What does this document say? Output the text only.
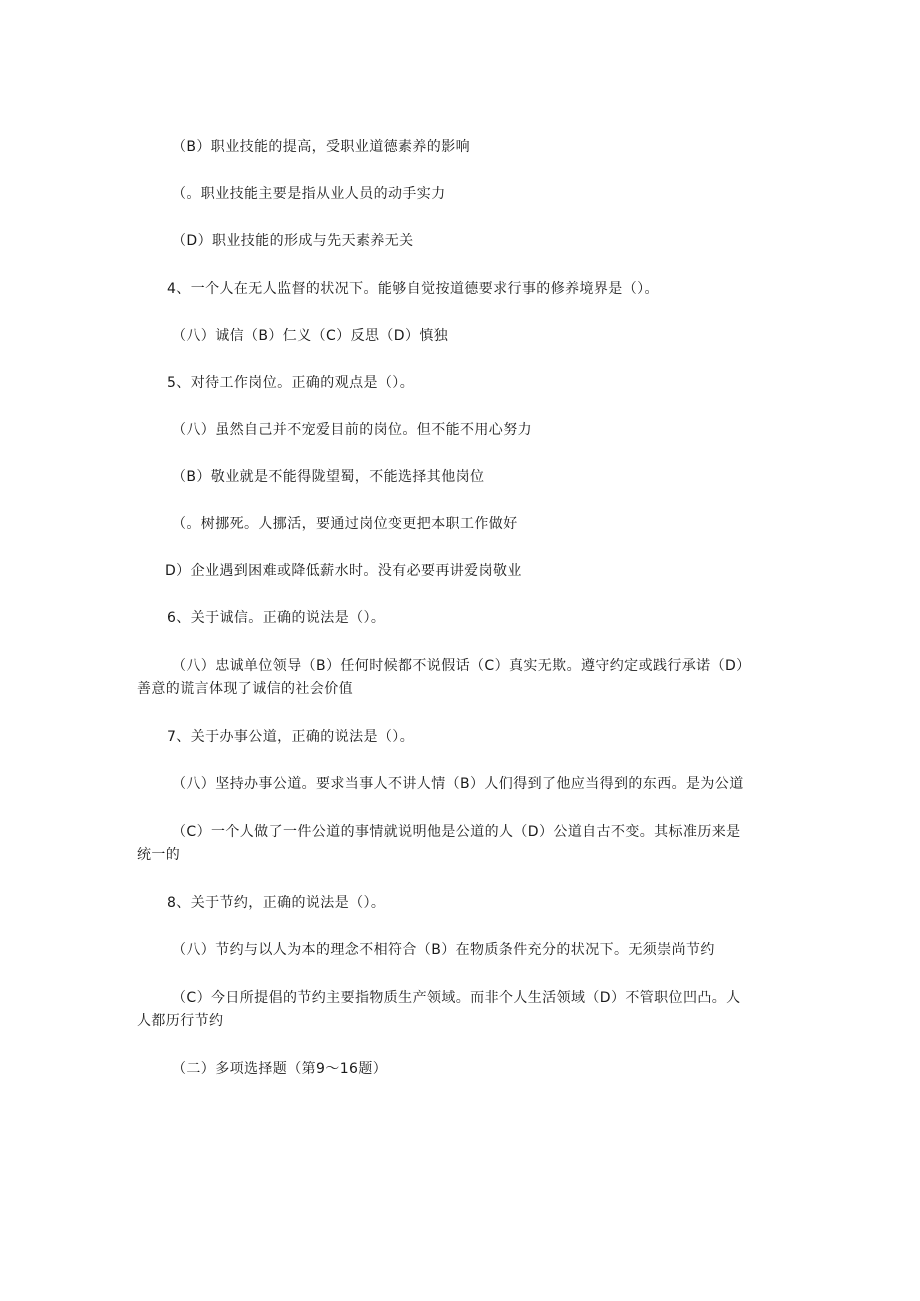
（B）职业技能的提高，受职业道德素养的影响
（。职业技能主要是指从业人员的动手实力
（D）职业技能的形成与先天素养无关
4、一个人在无人监督的状况下。能够自觉按道德要求行事的修养境界是（）。
（八）诚信（B）仁义（C）反思（D）慎独
5、对待工作岗位。正确的观点是（）。
（八）虽然自己并不宠爱目前的岗位。但不能不用心努力
（B）敬业就是不能得陇望蜀，不能选择其他岗位
（。树挪死。人挪活，要通过岗位变更把本职工作做好
D）企业遇到困难或降低薪水时。没有必要再讲爱岗敬业
6、关于诚信。正确的说法是（）。
（八）忠诚单位领导（B）任何时候都不说假话（C）真实无欺。遵守约定或践行承诺（D）
善意的谎言体现了诚信的社会价值
7、关于办事公道，正确的说法是（）。
（八）坚持办事公道。要求当事人不讲人情（B）人们得到了他应当得到的东西。是为公道
（C）一个人做了一件公道的事情就说明他是公道的人（D）公道自古不变。其标准历来是
统一的
8、关于节约，正确的说法是（）。
（八）节约与以人为本的理念不相符合（B）在物质条件充分的状况下。无须崇尚节约
（C）今日所提倡的节约主要指物质生产领域。而非个人生活领域（D）不管职位凹凸。人
人都历行节约
（二）多项选择题（第9～16题）
